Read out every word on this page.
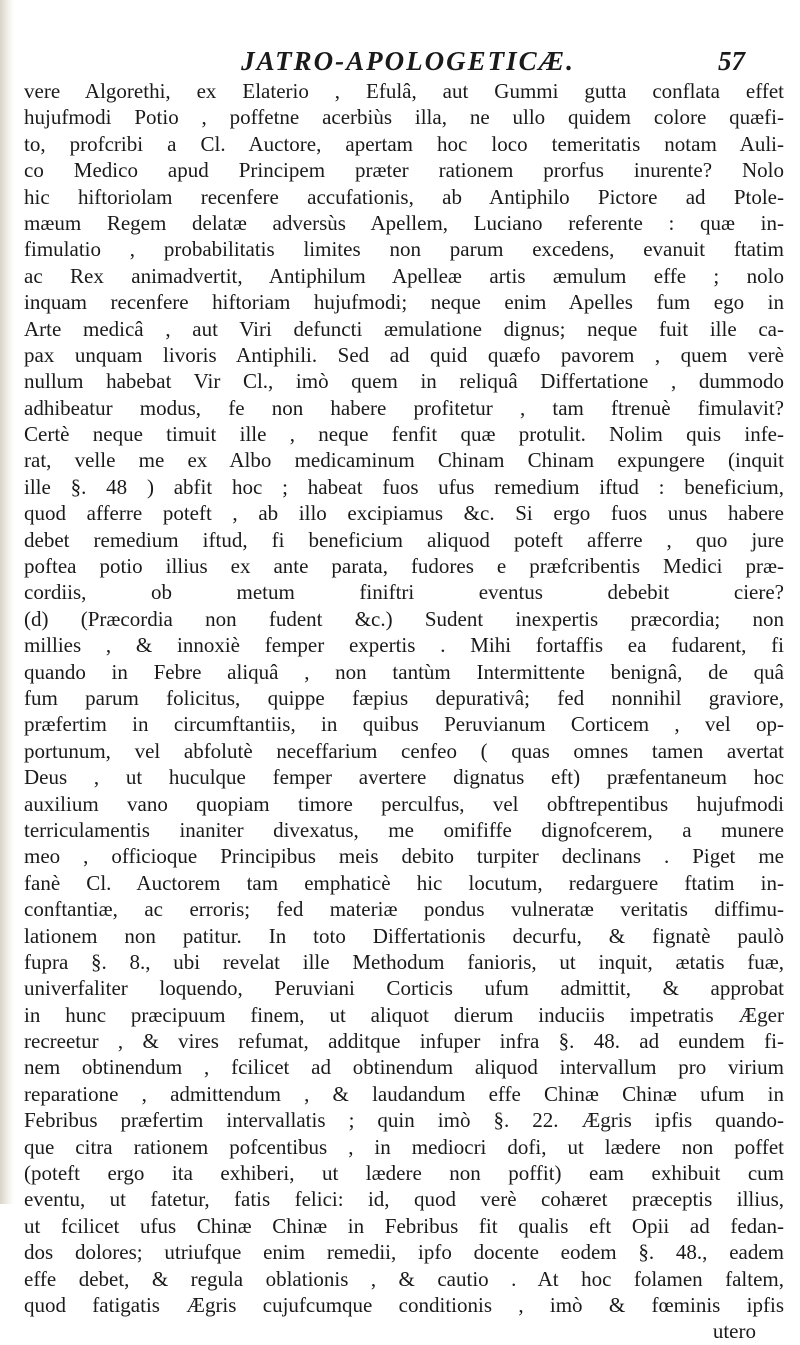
JATRO-APOLOGETICÆ.	57
vere Algorethi, ex Elaterio , Efulâ, aut Gummi gutta conflata effet
hujufmodi Potio , poffetne acerbiùs illa, ne ullo quidem colore quæfi-
to, profcribi a Cl. Auctore, apertam hoc loco temeritatis notam Auli-
co Medico apud Principem præter rationem prorfus inurente? Nolo
hic hiftoriolam recenfere accufationis, ab Antiphilo Pictore ad Ptole-
mæum Regem delatæ adversùs Apellem, Luciano referente : quæ in-
fimulatio , probabilitatis limites non parum excedens, evanuit ftatim
ac Rex animadvertit, Antiphilum Apelleæ artis æmulum effe ; nolo
inquam recenfere hiftoriam hujufmodi; neque enim Apelles fum ego in
Arte medicâ , aut Viri defuncti æmulatione dignus; neque fuit ille ca-
pax unquam livoris Antiphili. Sed ad quid quæfo pavorem , quem verè
nullum habebat Vir Cl., imò quem in reliquâ Differtatione , dummodo
adhibeatur modus, fe non habere profitetur , tam ftrenuè fimulavit?
Certè neque timuit ille , neque fenfit quæ protulit. Nolim quis infe-
rat, velle me ex Albo medicaminum Chinam Chinam expungere (inquit
ille §. 48 ) abfit hoc ; habeat fuos ufus remedium iftud : beneficium,
quod afferre poteft , ab illo excipiamus &c. Si ergo fuos unus habere
debet remedium iftud, fi beneficium aliquod poteft afferre , quo jure
poftea potio illius ex ante parata, fudores e præfcribentis Medici præ-
cordiis, ob metum finiftri eventus debebit ciere?
(d) (Præcordia non fudent &c.) Sudent inexpertis præcordia; non
millies , & innoxiè femper expertis . Mihi fortaffis ea fudarent, fi
quando in Febre aliquâ , non tantùm Intermittente benignâ, de quâ
fum parum folicitus, quippe fæpius depurativâ; fed nonnihil graviore,
præfertim in circumftantiis, in quibus Peruvianum Corticem , vel op-
portunum, vel abfolutè neceffarium cenfeo ( quas omnes tamen avertat
Deus , ut huculque femper avertere dignatus eft) præfentaneum hoc
auxilium vano quopiam timore perculfus, vel obftrepentibus hujufmodi
terriculamentis inaniter divexatus, me omififfe dignofcerem, a munere
meo , officioque Principibus meis debito turpiter declinans . Piget me
fanè Cl. Auctorem tam emphaticè hic locutum, redarguere ftatim in-
conftantiæ, ac erroris; fed materiæ pondus vulneratæ veritatis diffimu-
lationem non patitur. In toto Differtationis decurfu, & fignatè paulò
fupra §. 8., ubi revelat ille Methodum fanioris, ut inquit, ætatis fuæ,
univerfaliter loquendo, Peruviani Corticis ufum admittit, & approbat
in hunc præcipuum finem, ut aliquot dierum induciis impetratis Æger
recreetur , & vires refumat, additque infuper infra §. 48. ad eundem fi-
nem obtinendum , fcilicet ad obtinendum aliquod intervallum pro virium
reparatione , admittendum , & laudandum effe Chinæ Chinæ ufum in
Febribus præfertim intervallatis ; quin imò §. 22. Ægris ipfis quando-
que citra rationem pofcentibus , in mediocri dofi, ut lædere non poffet
(poteft ergo ita exhiberi, ut lædere non poffit) eam exhibuit cum
eventu, ut fatetur, fatis felici: id, quod verè cohæret præceptis illius,
ut fcilicet ufus Chinæ Chinæ in Febribus fit qualis eft Opii ad fedan-
dos dolores; utriufque enim remedii, ipfo docente eodem §. 48., eadem
effe debet, & regula oblationis , & cautio . At hoc folamen faltem,
quod fatigatis Ægris cujufcumque conditionis , imò & fœminis ipfis
utero
